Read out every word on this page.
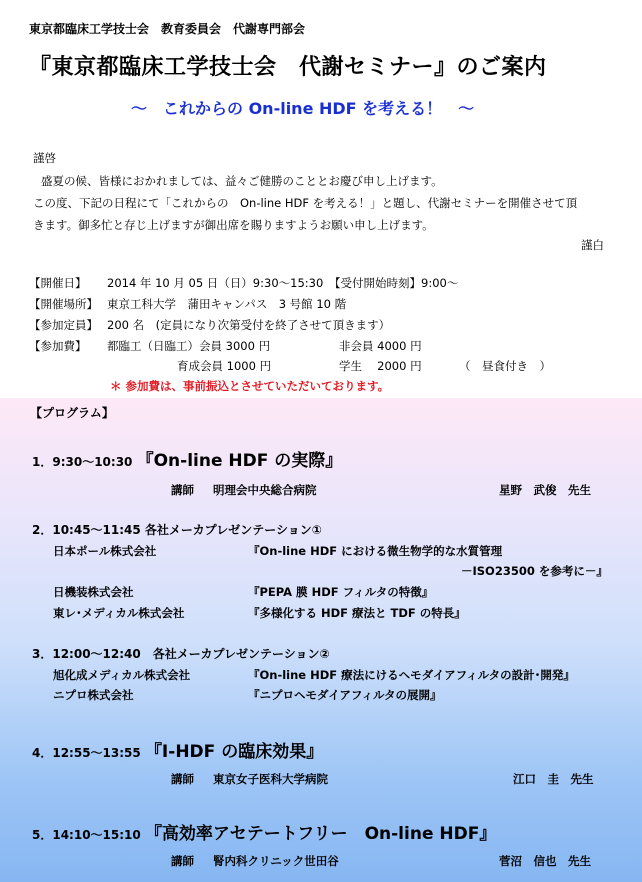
東京都臨床工学技士会　教育委員会　代謝専門部会
『東京都臨床工学技士会　代謝セミナー』のご案内
～　これからの On-line HDF を考える！　～
謹啓
盛夏の候、皆様におかれましては、益々ご健勝のこととお慶び申し上げます。
この度、下記の日程にて「これからの　On-line HDF を考える！」と題し、代謝セミナーを開催させて頂
きます。御多忙と存じ上げますが御出席を賜りますようお願い申し上げます。
謹白
【開催日】 2014 年 10 月 05 日（日）9:30～15:30　【受付開始時刻】9:00～
【開催場所】 東京工科大学　蒲田キャンパス　3 号館 10 階
【参加定員】 200 名　(定員になり次第受付を終了させて頂きます）
【参加費】 都臨工（日臨工）会員 3000 円	非会員 4000 円
育成会員 1000 円	学生　 2000 円	（　昼食付き　）
＊ 参加費は、事前振込とさせていただいております。
【プログラム】
1．9:30～10:30 『On-line HDF の実際』
講師 明理会中央総合病院	星野　武俊　先生
2．10:45～11:45 各社メーカプレゼンテーション①
日本ポール株式会社	『On-line HDF における微生物学的な水質管理
－ISO23500 を参考に－』
日機装株式会社	『PEPA 膜 HDF フィルタの特徴』
東レ･メディカル株式会社	『多様化する HDF 療法と TDF の特長』
3．12:00～12:40　各社メーカプレゼンテーション②
旭化成メディカル株式会社	『On-line HDF 療法にけるヘモダイアフィルタの設計･開発』
ニプロ株式会社	『ニプロヘモダイアフィルタの展開』
4．12:55～13:55 『I-HDF の臨床効果』
講師 東京女子医科大学病院	江口　圭　先生
5．14:10～15:10 『高効率アセテートフリー　On-line HDF』
講師 腎内科クリニック世田谷	菅沼　信也　先生
